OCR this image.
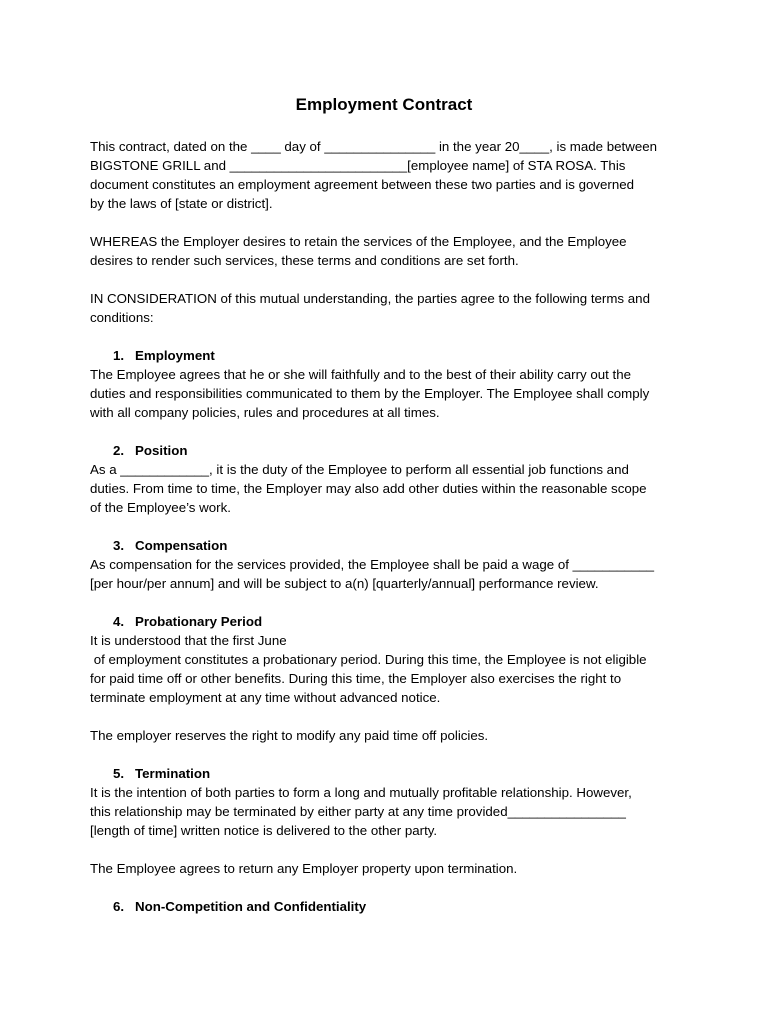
Employment Contract

This contract, dated on the ____ day of _______________ in the year 20____, is made between

BIGSTONE GRILL and ________________________[employee name] of STA ROSA. This

document constitutes an employment agreement between these two parties and is governed

by the laws of [state or district].

WHEREAS the Employer desires to retain the services of the Employee, and the Employee

desires to render such services, these terms and conditions are set forth.

IN CONSIDERATION of this mutual understanding, the parties agree to the following terms and

conditions:

1. Employment

The Employee agrees that he or she will faithfully and to the best of their ability carry out the

duties and responsibilities communicated to them by the Employer. The Employee shall comply

with all company policies, rules and procedures at all times.

2. Position

As a ____________, it is the duty of the Employee to perform all essential job functions and

duties. From time to time, the Employer may also add other duties within the reasonable scope

of the Employee’s work.

3. Compensation

As compensation for the services provided, the Employee shall be paid a wage of ___________

[per hour/per annum] and will be subject to a(n) [quarterly/annual] performance review.

4. Probationary Period

It is understood that the first June

of employment constitutes a probationary period. During this time, the Employee is not eligible

for paid time off or other benefits. During this time, the Employer also exercises the right to

terminate employment at any time without advanced notice.

The employer reserves the right to modify any paid time off policies.

5. Termination

It is the intention of both parties to form a long and mutually profitable relationship. However,

this relationship may be terminated by either party at any time provided________________

[length of time] written notice is delivered to the other party.

The Employee agrees to return any Employer property upon termination.

6. Non-Competition and Confidentiality
